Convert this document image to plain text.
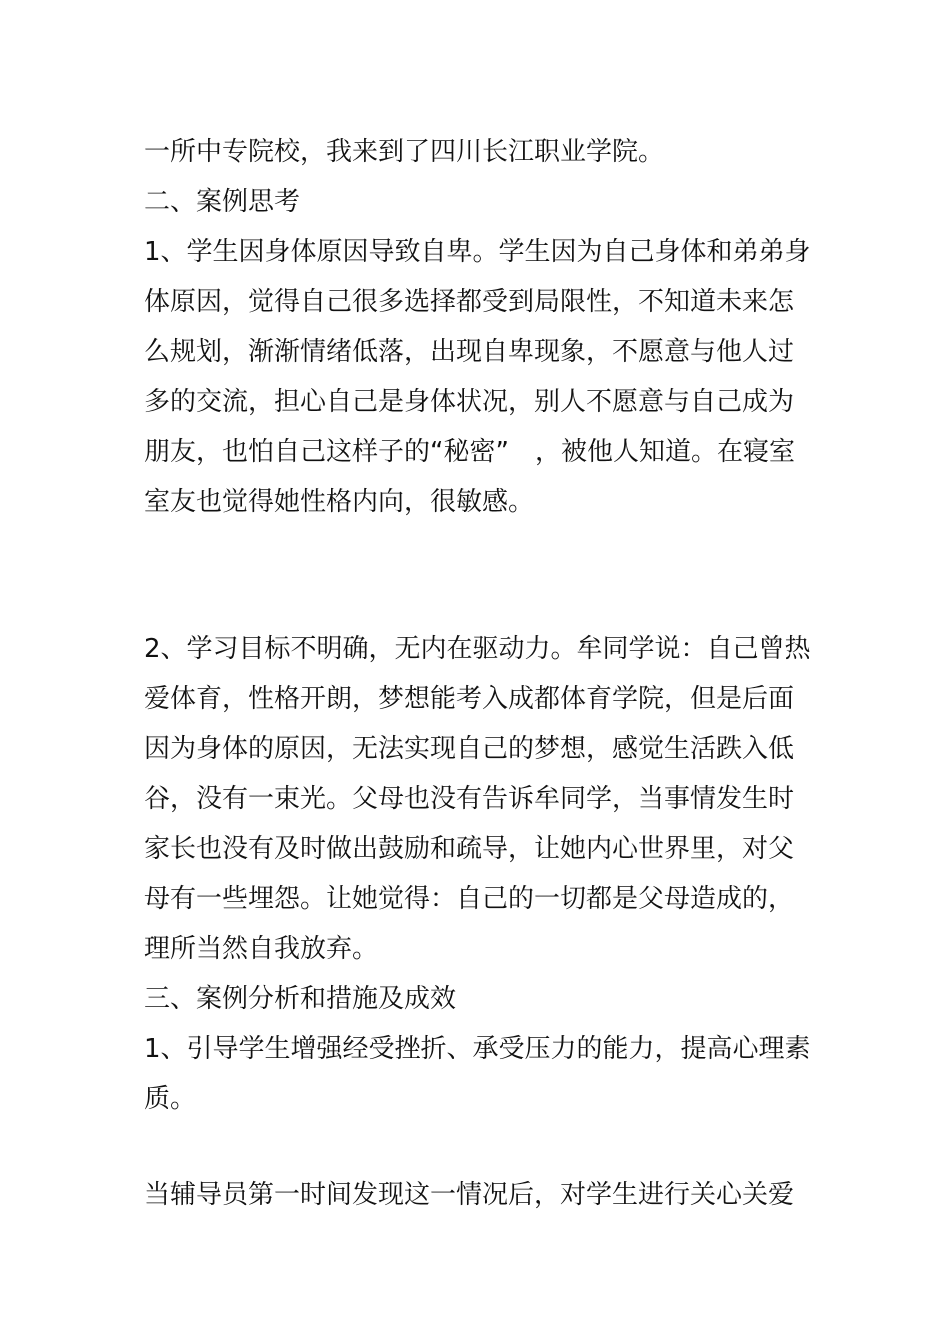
一所中专院校，我来到了四川长江职业学院。
二、案例思考
1、学生因身体原因导致自卑。学生因为自己身体和弟弟身
体原因，觉得自己很多选择都受到局限性，不知道未来怎
么规划，渐渐情绪低落，出现自卑现象，不愿意与他人过
多的交流，担心自己是身体状况，别人不愿意与自己成为
朋友，也怕自己这样子的“秘密”　，被他人知道。在寝室
室友也觉得她性格内向，很敏感。
2、学习目标不明确，无内在驱动力。牟同学说：自己曾热
爱体育，性格开朗，梦想能考入成都体育学院，但是后面
因为身体的原因，无法实现自己的梦想，感觉生活跌入低
谷，没有一束光。父母也没有告诉牟同学，当事情发生时
家长也没有及时做出鼓励和疏导，让她内心世界里，对父
母有一些埋怨。让她觉得：自己的一切都是父母造成的，
理所当然自我放弃。
三、案例分析和措施及成效
1、引导学生增强经受挫折、承受压力的能力，提高心理素
质。
当辅导员第一时间发现这一情况后，对学生进行关心关爱
